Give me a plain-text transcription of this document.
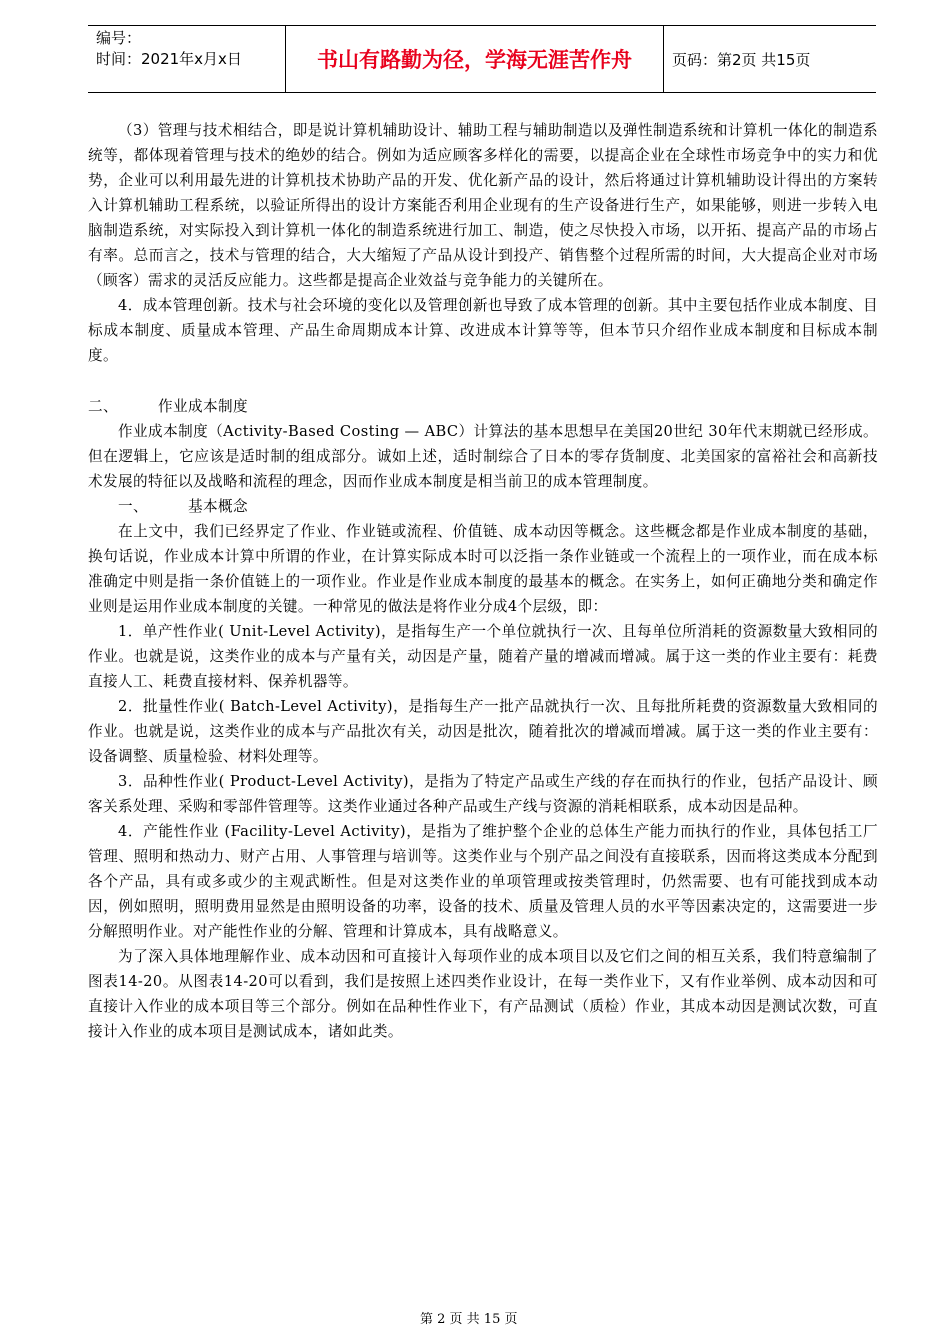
编号：
时间：2021年x月x日	书山有路勤为径，学海无涯苦作舟	页码：第2页 共15页

（3）管理与技术相结合，即是说计算机辅助设计、辅助工程与辅助制造以及弹性制造系统和计算机一体化的制造系统等，都体现着管理与技术的绝妙的结合。例如为适应顾客多样化的需要，以提高企业在全球性市场竞争中的实力和优势，企业可以利用最先进的计算机技术协助产品的开发、优化新产品的设计，然后将通过计算机辅助设计得出的方案转入计算机辅助工程系统，以验证所得出的设计方案能否利用企业现有的生产设备进行生产，如果能够，则进一步转入电脑制造系统，对实际投入到计算机一体化的制造系统进行加工、制造，使之尽快投入市场，以开拓、提高产品的市场占有率。总而言之，技术与管理的结合，大大缩短了产品从设计到投产、销售整个过程所需的时间，大大提高企业对市场（顾客）需求的灵活反应能力。这些都是提高企业效益与竞争能力的关键所在。

4．成本管理创新。技术与社会环境的变化以及管理创新也导致了成本管理的创新。其中主要包括作业成本制度、目标成本制度、质量成本管理、产品生命周期成本计算、改进成本计算等等，但本节只介绍作业成本制度和目标成本制度。

二、	作业成本制度

作业成本制度（Activity-Based Costing — ABC）计算法的基本思想早在美国20世纪 30年代末期就已经形成。但在逻辑上，它应该是适时制的组成部分。诚如上述，适时制综合了日本的零存货制度、北美国家的富裕社会和高新技术发展的特征以及战略和流程的理念，因而作业成本制度是相当前卫的成本管理制度。

一、	基本概念

在上文中，我们已经界定了作业、作业链或流程、价值链、成本动因等概念。这些概念都是作业成本制度的基础，换句话说，作业成本计算中所谓的作业，在计算实际成本时可以泛指一条作业链或一个流程上的一项作业，而在成本标准确定中则是指一条价值链上的一项作业。作业是作业成本制度的最基本的概念。在实务上，如何正确地分类和确定作业则是运用作业成本制度的关键。一种常见的做法是将作业分成4个层级，即：

1．单产性作业( Unit-Level Activity)，是指每生产一个单位就执行一次、且每单位所消耗的资源数量大致相同的作业。也就是说，这类作业的成本与产量有关，动因是产量，随着产量的增减而增减。属于这一类的作业主要有：耗费直接人工、耗费直接材料、保养机器等。

2．批量性作业( Batch-Level Activity)，是指每生产一批产品就执行一次、且每批所耗费的资源数量大致相同的作业。也就是说，这类作业的成本与产品批次有关，动因是批次，随着批次的增减而增减。属于这一类的作业主要有：设备调整、质量检验、材料处理等。

3．品种性作业( Product-Level Activity)，是指为了特定产品或生产线的存在而执行的作业，包括产品设计、顾客关系处理、采购和零部件管理等。这类作业通过各种产品或生产线与资源的消耗相联系，成本动因是品种。

4．产能性作业 (Facility-Level Activity)，是指为了维护整个企业的总体生产能力而执行的作业，具体包括工厂管理、照明和热动力、财产占用、人事管理与培训等。这类作业与个别产品之间没有直接联系，因而将这类成本分配到各个产品，具有或多或少的主观武断性。但是对这类作业的单项管理或按类管理时，仍然需要、也有可能找到成本动因，例如照明，照明费用显然是由照明设备的功率，设备的技术、质量及管理人员的水平等因素决定的，这需要进一步分解照明作业。对产能性作业的分解、管理和计算成本，具有战略意义。

为了深入具体地理解作业、成本动因和可直接计入每项作业的成本项目以及它们之间的相互关系，我们特意编制了图表14-20。从图表14-20可以看到，我们是按照上述四类作业设计，在每一类作业下，又有作业举例、成本动因和可直接计入作业的成本项目等三个部分。例如在品种性作业下，有产品测试（质检）作业，其成本动因是测试次数，可直接计入作业的成本项目是测试成本，诸如此类。

第 2 页 共 15 页
